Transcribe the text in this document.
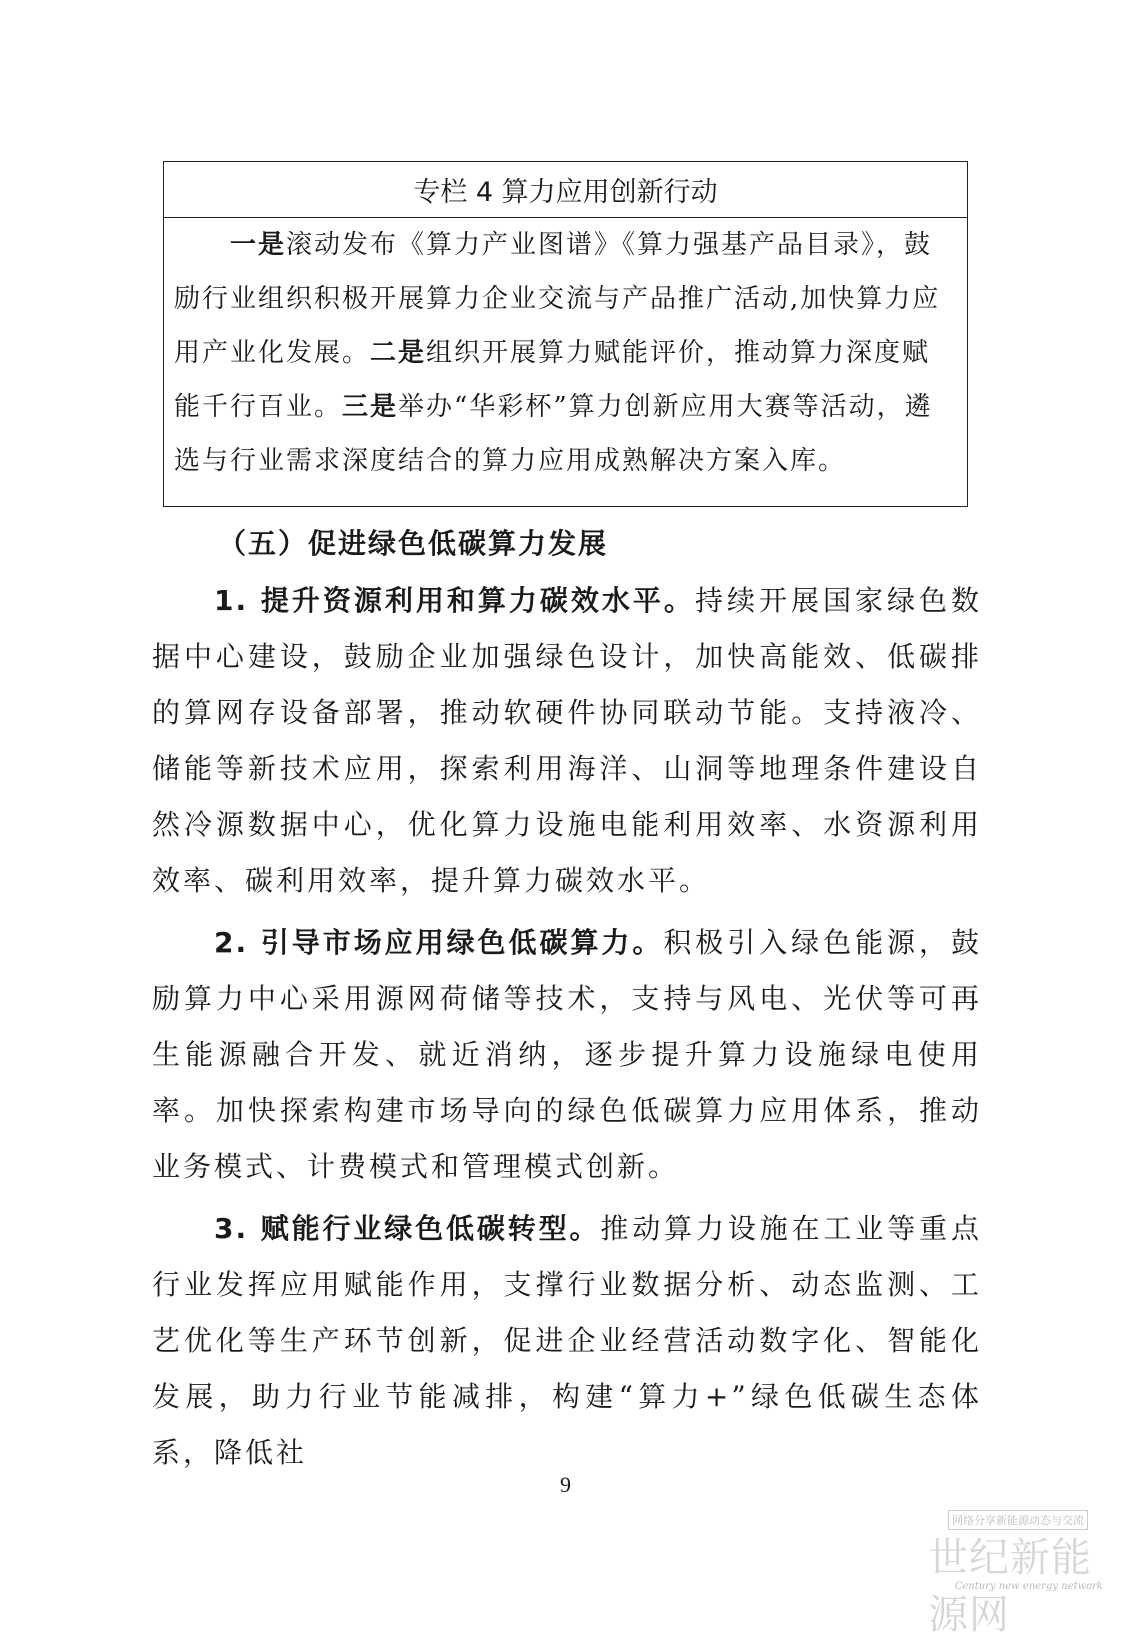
专栏 4 算力应用创新行动

一是滚动发布《算力产业图谱》《算力强基产品目录》，鼓励行业组织积极开展算力企业交流与产品推广活动,加快算力应用产业化发展。二是组织开展算力赋能评价，推动算力深度赋能千行百业。三是举办“华彩杯”算力创新应用大赛等活动，遴选与行业需求深度结合的算力应用成熟解决方案入库。

（五）促进绿色低碳算力发展

1. 提升资源利用和算力碳效水平。持续开展国家绿色数据中心建设，鼓励企业加强绿色设计，加快高能效、低碳排的算网存设备部署，推动软硬件协同联动节能。支持液冷、储能等新技术应用，探索利用海洋、山洞等地理条件建设自然冷源数据中心，优化算力设施电能利用效率、水资源利用效率、碳利用效率，提升算力碳效水平。

2. 引导市场应用绿色低碳算力。积极引入绿色能源，鼓励算力中心采用源网荷储等技术，支持与风电、光伏等可再生能源融合开发、就近消纳，逐步提升算力设施绿电使用率。加快探索构建市场导向的绿色低碳算力应用体系，推动业务模式、计费模式和管理模式创新。

3. 赋能行业绿色低碳转型。推动算力设施在工业等重点行业发挥应用赋能作用，支撑行业数据分析、动态监测、工艺优化等生产环节创新，促进企业经营活动数字化、智能化发展，助力行业节能减排，构建“算力+”绿色低碳生态体系，降低社

9
网络分享新能源动态与交流
世纪新能源网
Century new energy network
